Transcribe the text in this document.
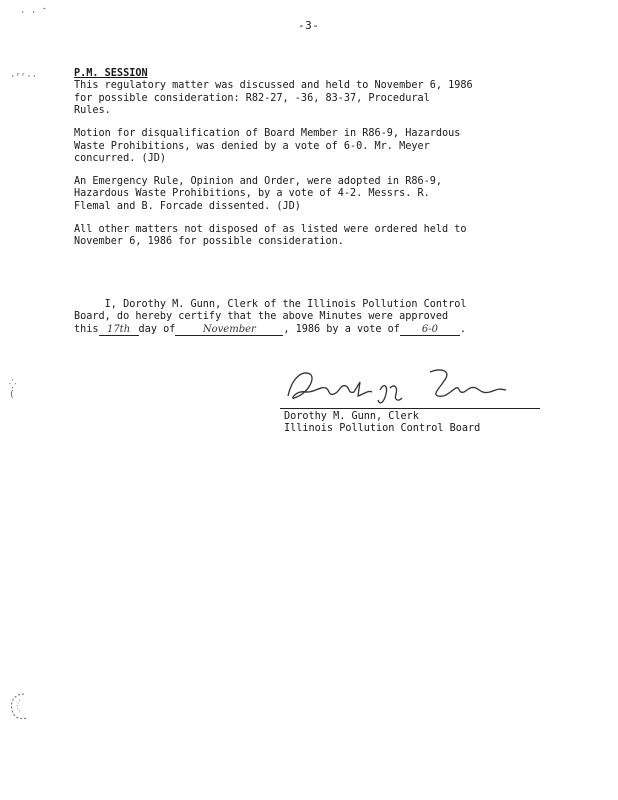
· · ˘
·ʳʳ··
⁛
(
-3-

P.M. SESSION
This regulatory matter was discussed and held to November 6, 1986
for possible consideration: R82-27, -36, 83-37, Procedural
Rules.

Motion for disqualification of Board Member in R86-9, Hazardous
Waste Prohibitions, was denied by a vote of 6-0. Mr. Meyer
concurred. (JD)

An Emergency Rule, Opinion and Order, were adopted in R86-9,
Hazardous Waste Prohibitions, by a vote of 4-2. Messrs. R.
Flemal and B. Forcade dissented. (JD)

All other matters not disposed of as listed were ordered held to
November 6, 1986 for possible consideration.

I, Dorothy M. Gunn, Clerk of the Illinois Pollution Control
Board, do hereby certify that the above Minutes were approved
this 17th day of	November	, 1986 by a vote of 6-0 .
Dorothy M. Gunn, Clerk
Illinois Pollution Control Board
